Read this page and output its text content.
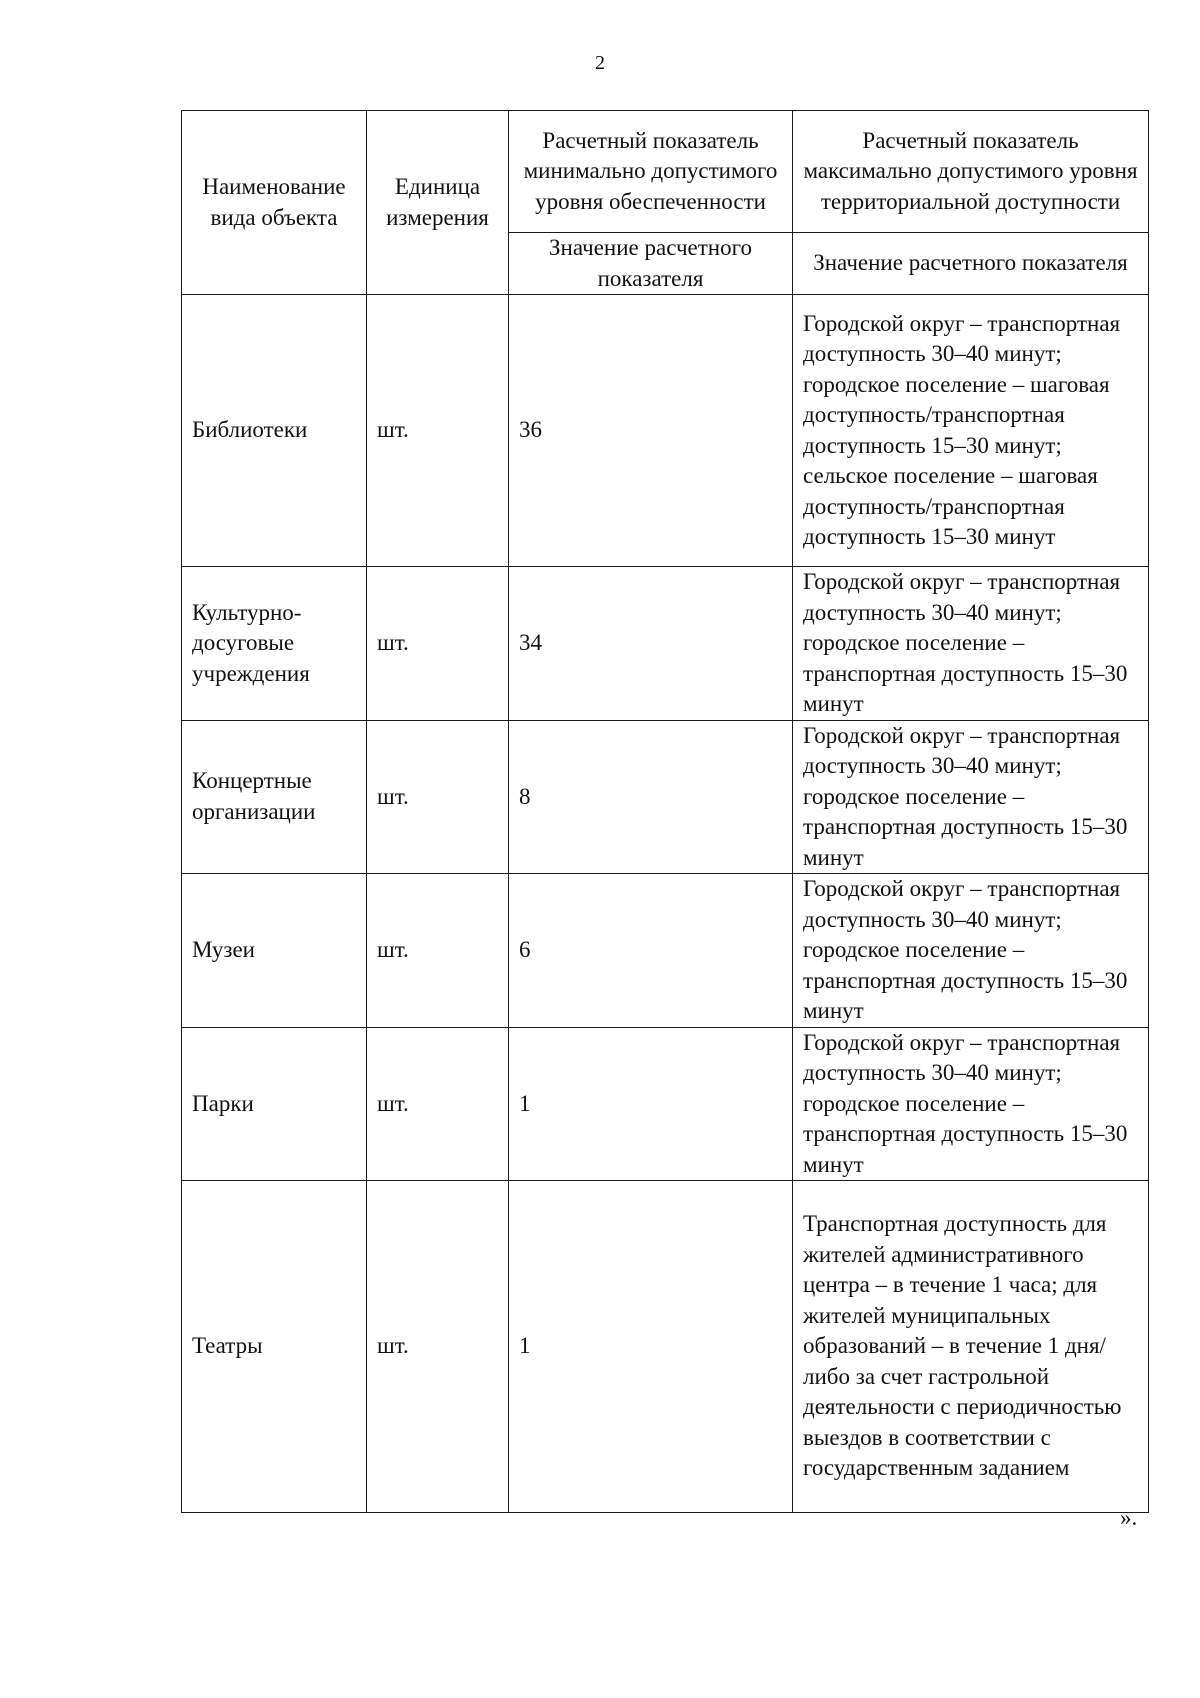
2
Наименование вида объекта	Единица измерения	Расчетный показатель минимально допустимого уровня обеспеченности	Расчетный показатель максимально допустимого уровня территориальной доступности
		Значение расчетного показателя	Значение расчетного показателя
Библиотеки	шт.	36	Городской округ – транспортная доступность 30–40 минут; городское поселение – шаговая доступность/транспортная доступность 15–30 минут; сельское поселение – шаговая доступность/транспортная доступность 15–30 минут
Культурно-досуговые учреждения	шт.	34	Городской округ – транспортная доступность 30–40 минут; городское поселение – транспортная доступность 15–30 минут
Концертные организации	шт.	8	Городской округ – транспортная доступность 30–40 минут; городское поселение – транспортная доступность 15–30 минут
Музеи	шт.	6	Городской округ – транспортная доступность 30–40 минут; городское поселение – транспортная доступность 15–30 минут
Парки	шт.	1	Городской округ – транспортная доступность 30–40 минут; городское поселение – транспортная доступность 15–30 минут
Театры	шт.	1	Транспортная доступность для жителей административного центра – в течение 1 часа; для жителей муниципальных образований – в течение 1 дня/либо за счет гастрольной деятельности с периодичностью выездов в соответствии с государственным заданием
».
